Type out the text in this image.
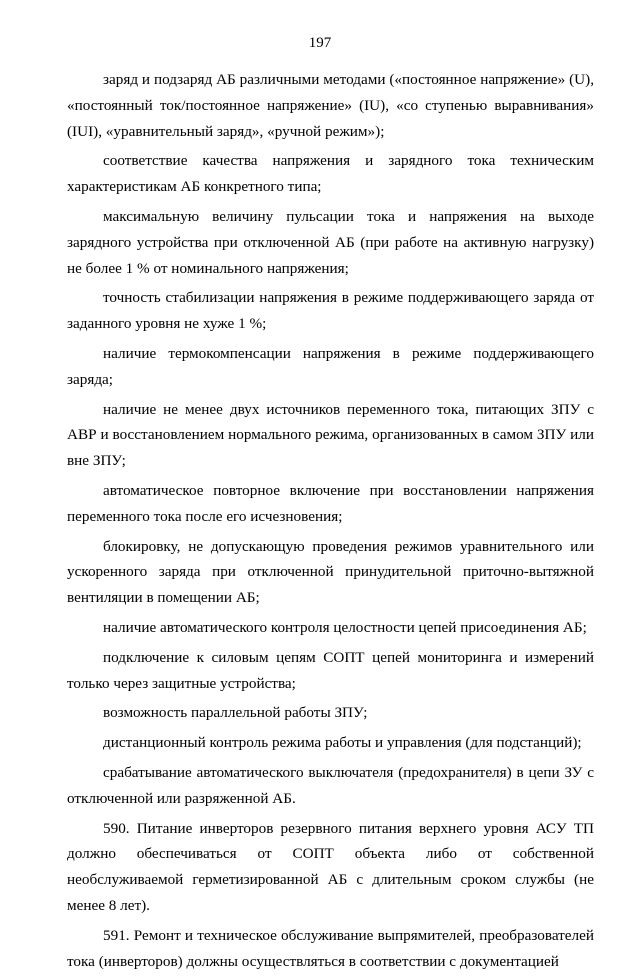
197

заряд и подзаряд АБ различными методами («постоянное напряжение» (U), «постоянный ток/постоянное напряжение» (IU), «со ступенью выравнивания» (IUI), «уравнительный заряд», «ручной режим»);

соответствие качества напряжения и зарядного тока техническим характеристикам АБ конкретного типа;

максимальную величину пульсации тока и напряжения на выходе зарядного устройства при отключенной АБ (при работе на активную нагрузку) не более 1 % от номинального напряжения;

точность стабилизации напряжения в режиме поддерживающего заряда от заданного уровня не хуже 1 %;

наличие термокомпенсации напряжения в режиме поддерживающего заряда;

наличие не менее двух источников переменного тока, питающих ЗПУ с АВР и восстановлением нормального режима, организованных в самом ЗПУ или вне ЗПУ;

автоматическое повторное включение при восстановлении напряжения переменного тока после его исчезновения;

блокировку, не допускающую проведения режимов уравнительного или ускоренного заряда при отключенной принудительной приточно-вытяжной вентиляции в помещении АБ;

наличие автоматического контроля целостности цепей присоединения АБ;

подключение к силовым цепям СОПТ цепей мониторинга и измерений только через защитные устройства;

возможность параллельной работы ЗПУ;

дистанционный контроль режима работы и управления (для подстанций);

срабатывание автоматического выключателя (предохранителя) в цепи ЗУ с отключенной или разряженной АБ.

590. Питание инверторов резервного питания верхнего уровня АСУ ТП должно обеспечиваться от СОПТ объекта либо от собственной необслуживаемой герметизированной АБ с длительным сроком службы (не менее 8 лет).

591. Ремонт и техническое обслуживание выпрямителей, преобразователей тока (инверторов) должны осуществляться в соответствии с документацией
